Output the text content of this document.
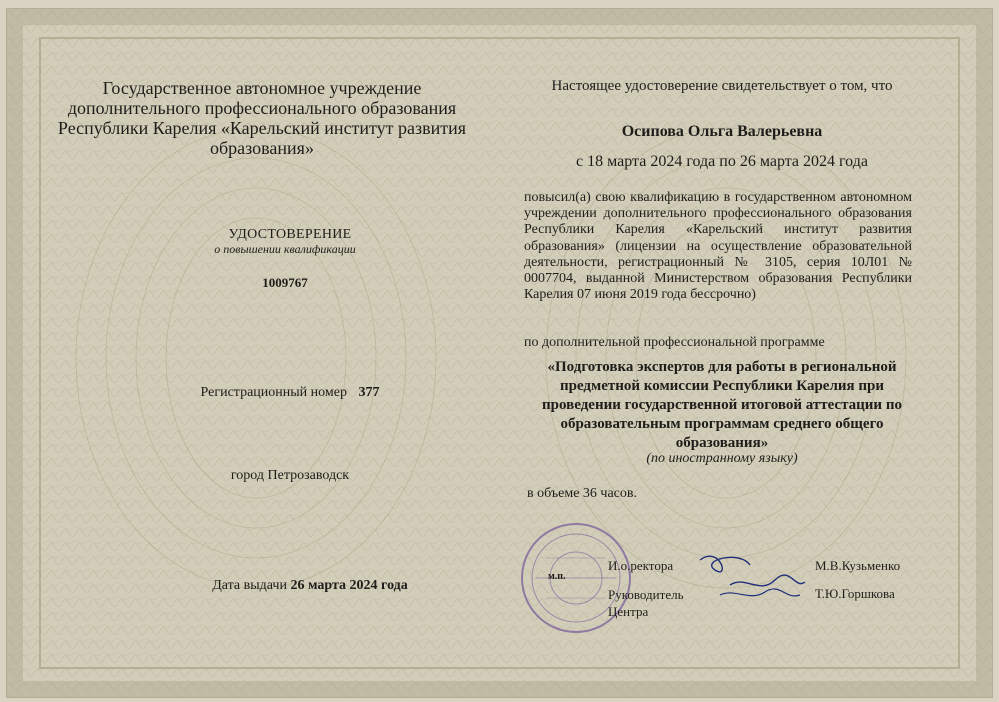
Государственное автономное учреждение дополнительного профессионального образования Республики Карелия «Карельский институт развития образования»
УДОСТОВЕРЕНИЕ
о повышении квалификации
1009767
Регистрационный номер 377
город Петрозаводск
Дата выдачи 26 марта 2024 года
Настоящее удостоверение свидетельствует о том, что
Осипова Ольга Валерьевна
с 18 марта 2024 года по 26 марта 2024 года
повысил(а) свою квалификацию в государственном автономном учреждении дополнительного профессионального образования Республики Карелия «Карельский институт развития образования» (лицензии на осуществление образовательной деятельности, регистрационный № 3105, серия 10Л01 № 0007704, выданной Министерством образования Республики Карелия 07 июня 2019 года бессрочно)
по дополнительной профессиональной программе
«Подготовка экспертов для работы в региональной предметной комиссии Республики Карелия при проведении государственной итоговой аттестации по образовательным программам среднего общего образования»
(по иностранному языку)
в объеме 36 часов.
м.п.
И.о.ректора	М.В.Кузьменко
Руководитель Центра
Т.Ю.Горшкова
